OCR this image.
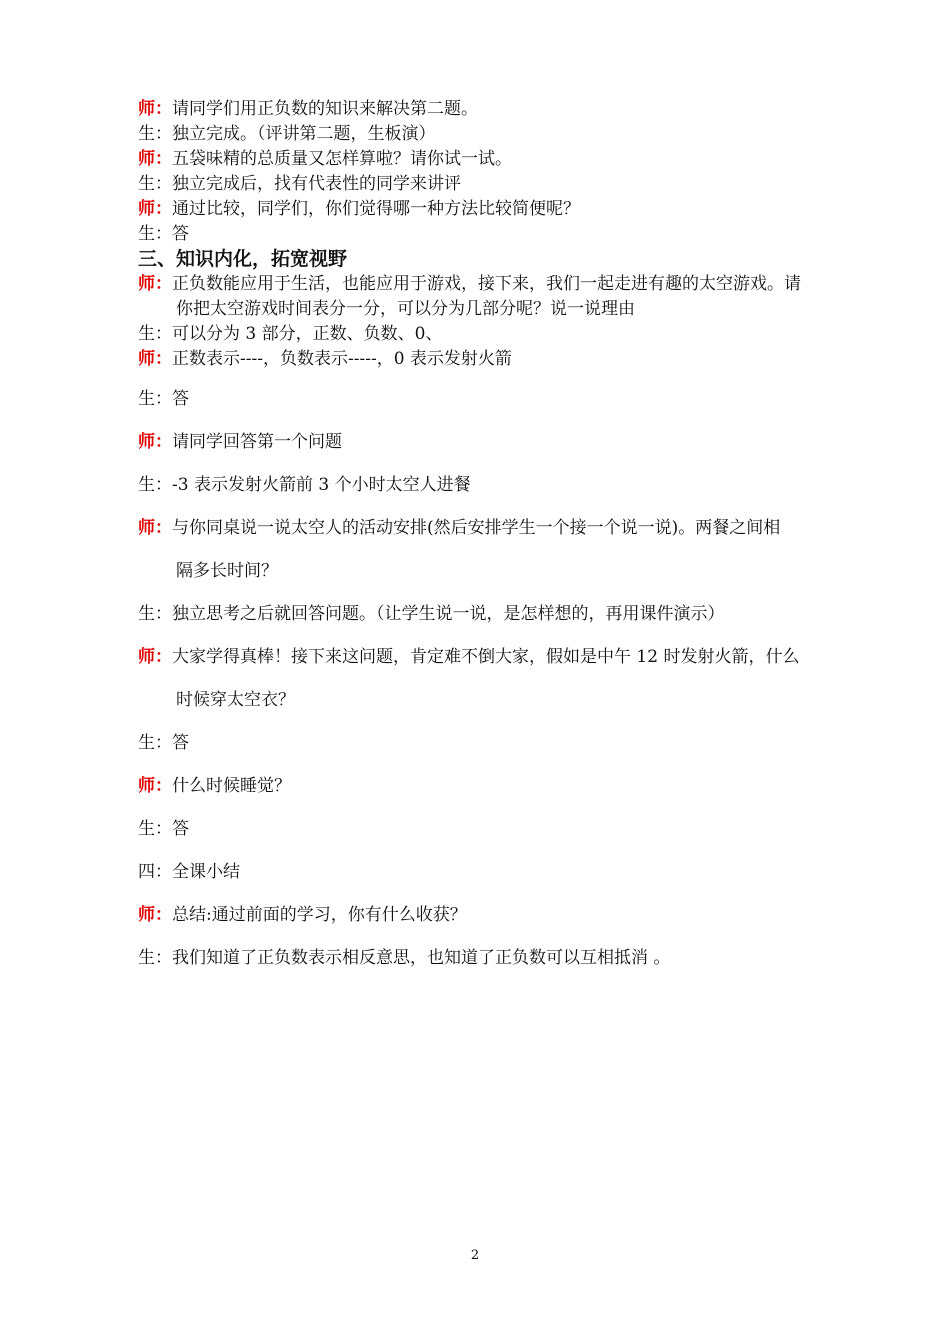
师：请同学们用正负数的知识来解决第二题。
生：独立完成。（评讲第二题，生板演）
师：五袋味精的总质量又怎样算啦？请你试一试。
生：独立完成后，找有代表性的同学来讲评
师：通过比较，同学们，你们觉得哪一种方法比较简便呢？
生：答
三、知识内化，拓宽视野
师：正负数能应用于生活，也能应用于游戏，接下来，我们一起走进有趣的太空游戏。请
你把太空游戏时间表分一分，可以分为几部分呢？说一说理由
生：可以分为 3 部分，正数、负数、0、
师：正数表示----，负数表示-----，0 表示发射火箭
生：答
师：请同学回答第一个问题
生：-3 表示发射火箭前 3 个小时太空人进餐
师：与你同桌说一说太空人的活动安排(然后安排学生一个接一个说一说)。两餐之间相
隔多长时间？
生：独立思考之后就回答问题。（让学生说一说，是怎样想的，再用课件演示）
师：大家学得真棒！接下来这问题，肯定难不倒大家，假如是中午 12 时发射火箭，什么
时候穿太空衣？
生：答
师：什么时候睡觉？
生：答
四：全课小结
师：总结:通过前面的学习，你有什么收获？
生：我们知道了正负数表示相反意思，也知道了正负数可以互相抵消 。
2
